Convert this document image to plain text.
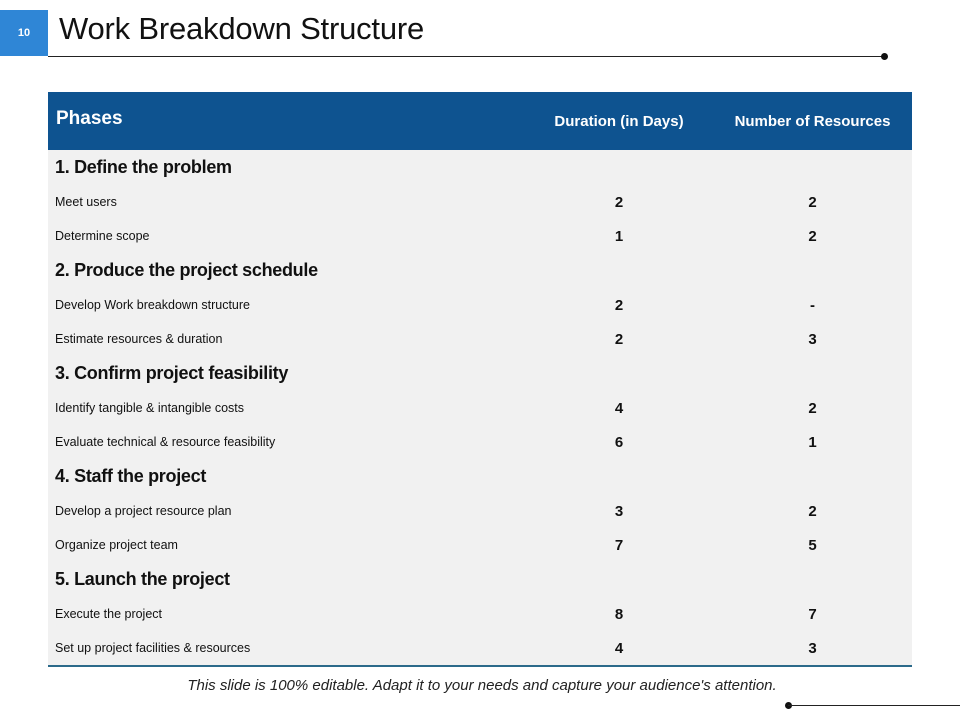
10 Work Breakdown Structure
Phases	Duration (in Days)	Number of Resources
1. Define the problem
Meet users	2	2
Determine scope	1	2
2. Produce the project schedule
Develop Work breakdown structure	2	-
Estimate resources & duration	2	3
3. Confirm project feasibility
Identify tangible & intangible costs	4	2
Evaluate technical & resource feasibility	6	1
4. Staff the project
Develop a project resource plan	3	2
Organize project team	7	5
5. Launch the project
Execute the project	8	7
Set up project facilities & resources	4	3
This slide is 100% editable. Adapt it to your needs and capture your audience's attention.
